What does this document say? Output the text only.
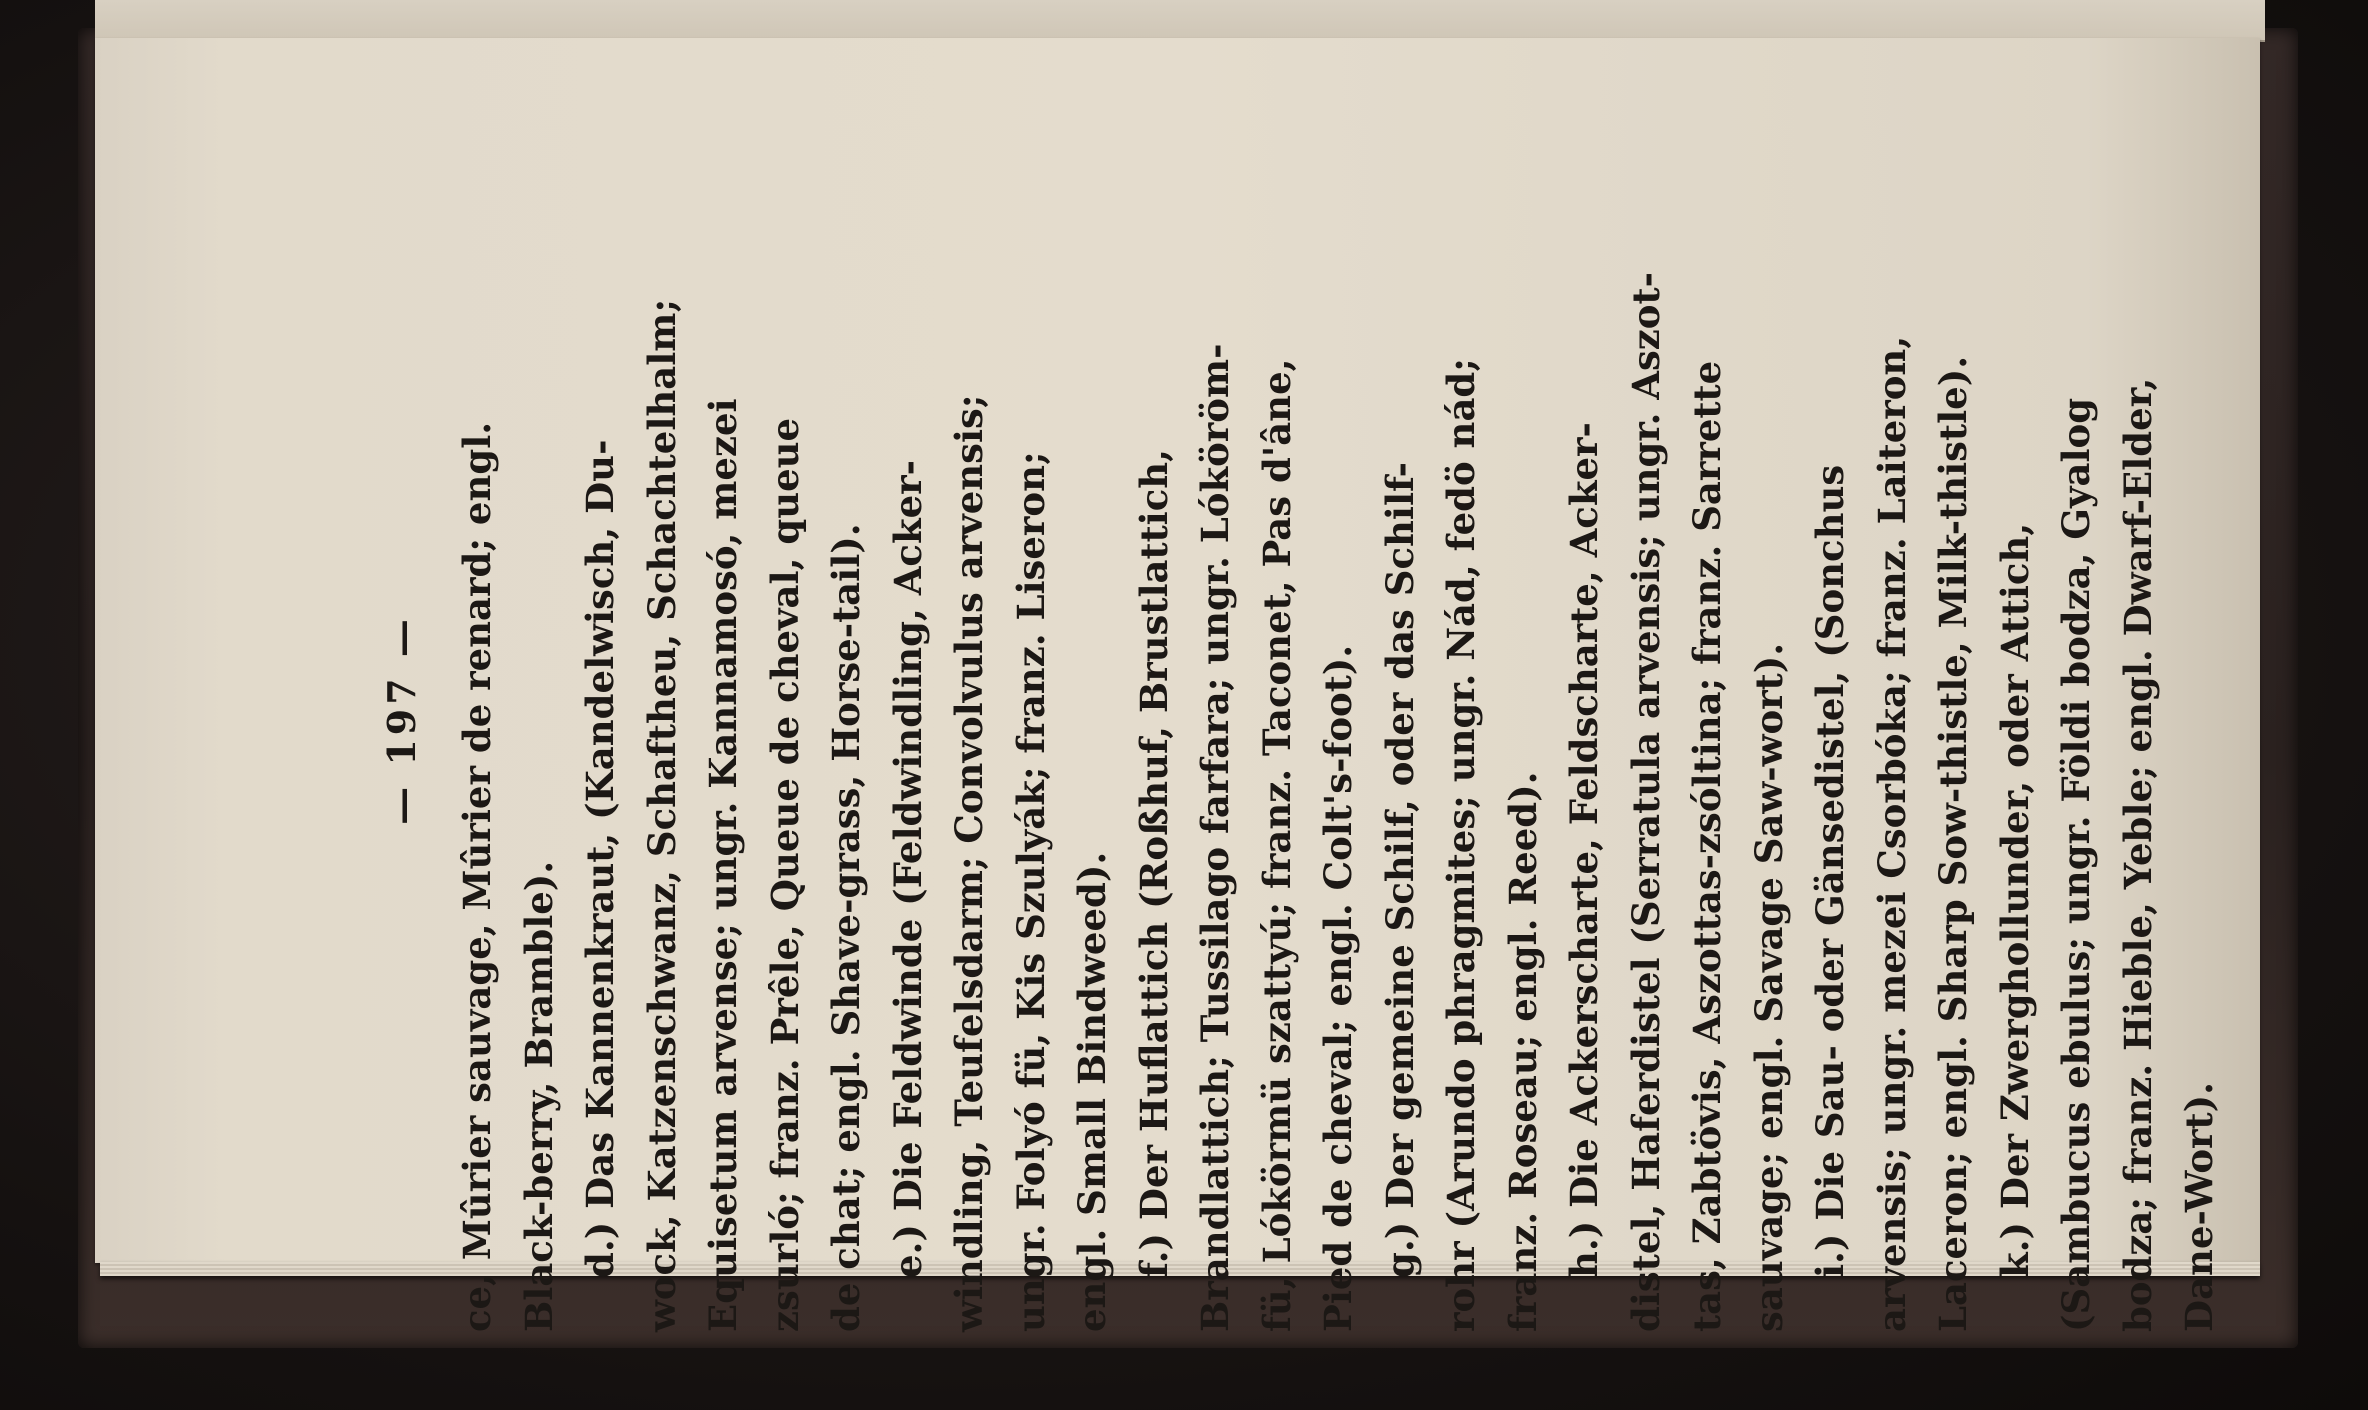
— 197 — ce, Mûrier sauvage, Mûrier de renard; engl. Black-berry, Bramble). d.) Das Kannenkraut, (Kandelwisch, Du- wock, Katzenschwanz, Schaftheu, Schachtelhalm; Equisetum arvense; ungr. Kannamosó, mezei zsurló; franz. Prêle, Queue de cheval, queue de chat; engl. Shave-grass, Horse-tail). e.) Die Feldwinde (Feldwindling, Acker- windling, Teufelsdarm; Convolvulus arvensis; ungr. Folyó fü, Kis Szulyák; franz. Liseron; engl. Small Bindweed). f.) Der Huflattich (Roßhuf, Brustlattich, Brandlattich; Tussilago farfara; ungr. Lóköröm- fü, Lókörmü szattyú; franz. Taconet, Pas d'âne, Pied de cheval; engl. Colt's-foot). g.) Der gemeine Schilf, oder das Schilf- rohr (Arundo phragmites; ungr. Nád, fedö nád; franz. Roseau; engl. Reed). h.) Die Ackerscharte, Feldscharte, Acker- distel, Haferdistel (Serratula arvensis; ungr. Aszot- tas, Zabtövis, Aszottas-zsóltina; franz. Sarrette sauvage; engl. Savage Saw-wort). i.) Die Sau- oder Gänsedistel, (Sonchus arvensis; ungr. mezei Csorbóka; franz. Laiteron, Laceron; engl. Sharp Sow-thistle, Milk-thistle). k.) Der Zwerghollunder, oder Attich, (Sambucus ebulus; ungr. Földi bodza, Gyalog bodza; franz. Hieble, Yeble; engl. Dwarf-Elder, Dane-Wort).
